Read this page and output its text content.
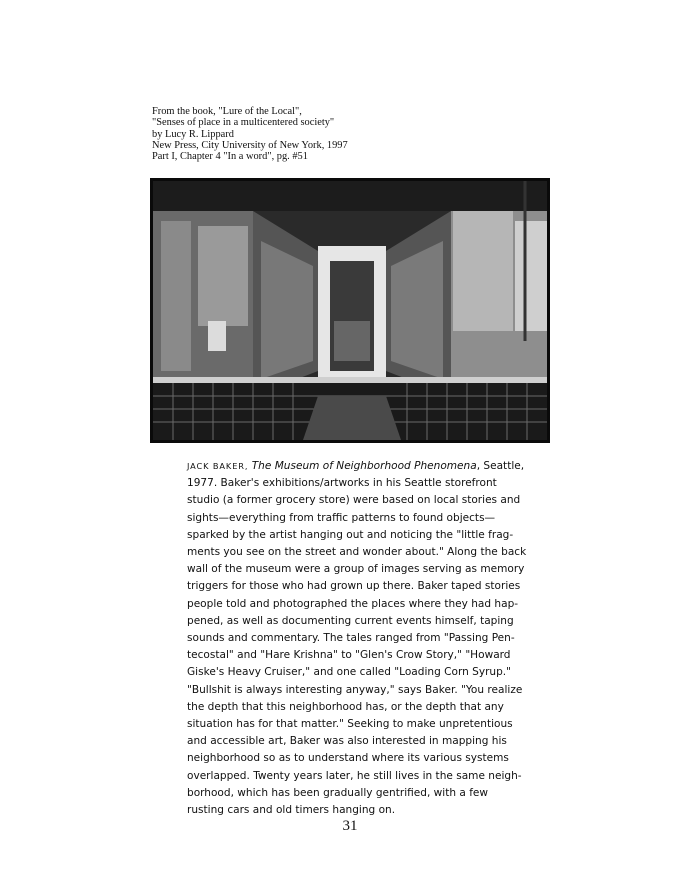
From the book, "Lure of the Local",
"Senses of place in a multicentered society"
by Lucy R. Lippard
New Press, City University of New York, 1997
Part I, Chapter 4 "In a word", pg. #51
JACK BAKER, The Museum of Neighborhood Phenomena, Seattle,
1977. Baker's exhibitions/artworks in his Seattle storefront
studio (a former grocery store) were based on local stories and
sights—everything from traffic patterns to found objects—
sparked by the artist hanging out and noticing the "little frag-
ments you see on the street and wonder about." Along the back
wall of the museum were a group of images serving as memory
triggers for those who had grown up there. Baker taped stories
people told and photographed the places where they had hap-
pened, as well as documenting current events himself, taping
sounds and commentary. The tales ranged from "Passing Pen-
tecostal" and "Hare Krishna" to "Glen's Crow Story," "Howard
Giske's Heavy Cruiser," and one called "Loading Corn Syrup."
"Bullshit is always interesting anyway," says Baker. "You realize
the depth that this neighborhood has, or the depth that any
situation has for that matter." Seeking to make unpretentious
and accessible art, Baker was also interested in mapping his
neighborhood so as to understand where its various systems
overlapped. Twenty years later, he still lives in the same neigh-
borhood, which has been gradually gentrified, with a few
rusting cars and old timers hanging on.
31
